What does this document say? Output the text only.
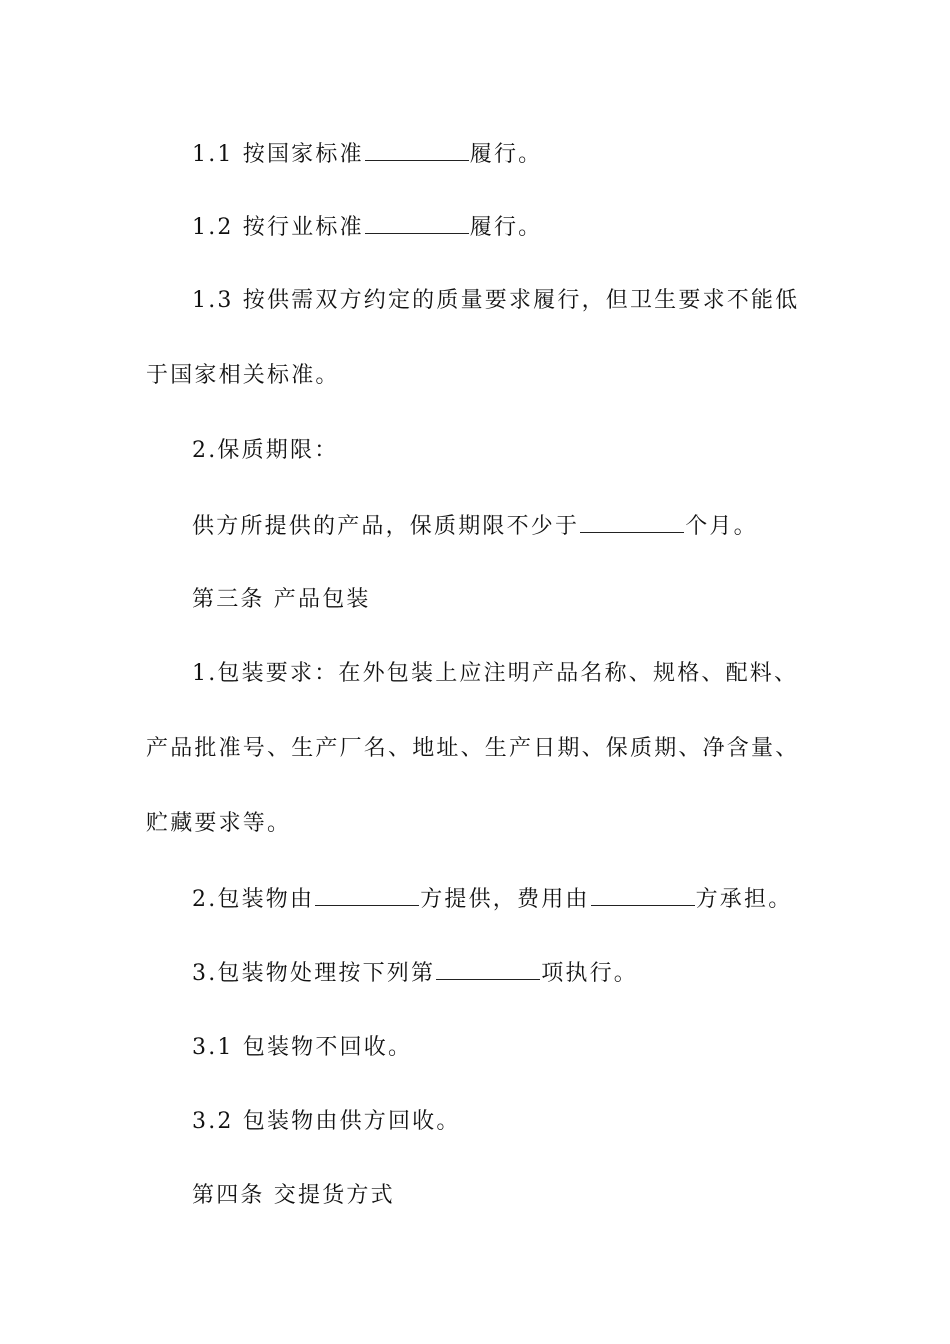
1.1 按国家标准	履行。
1.2 按行业标准	履行。
1.3 按供需双方约定的质量要求履行，但卫生要求不能低
于国家相关标准。
2.保质期限：
供方所提供的产品，保质期限不少于	个月。
第三条 产品包装
1.包装要求：在外包装上应注明产品名称、规格、配料、
产品批准号、生产厂名、地址、生产日期、保质期、净含量、
贮藏要求等。
2.包装物由	方提供，费用由	方承担。
3.包装物处理按下列第	项执行。
3.1 包装物不回收。
3.2 包装物由供方回收。
第四条 交提货方式
